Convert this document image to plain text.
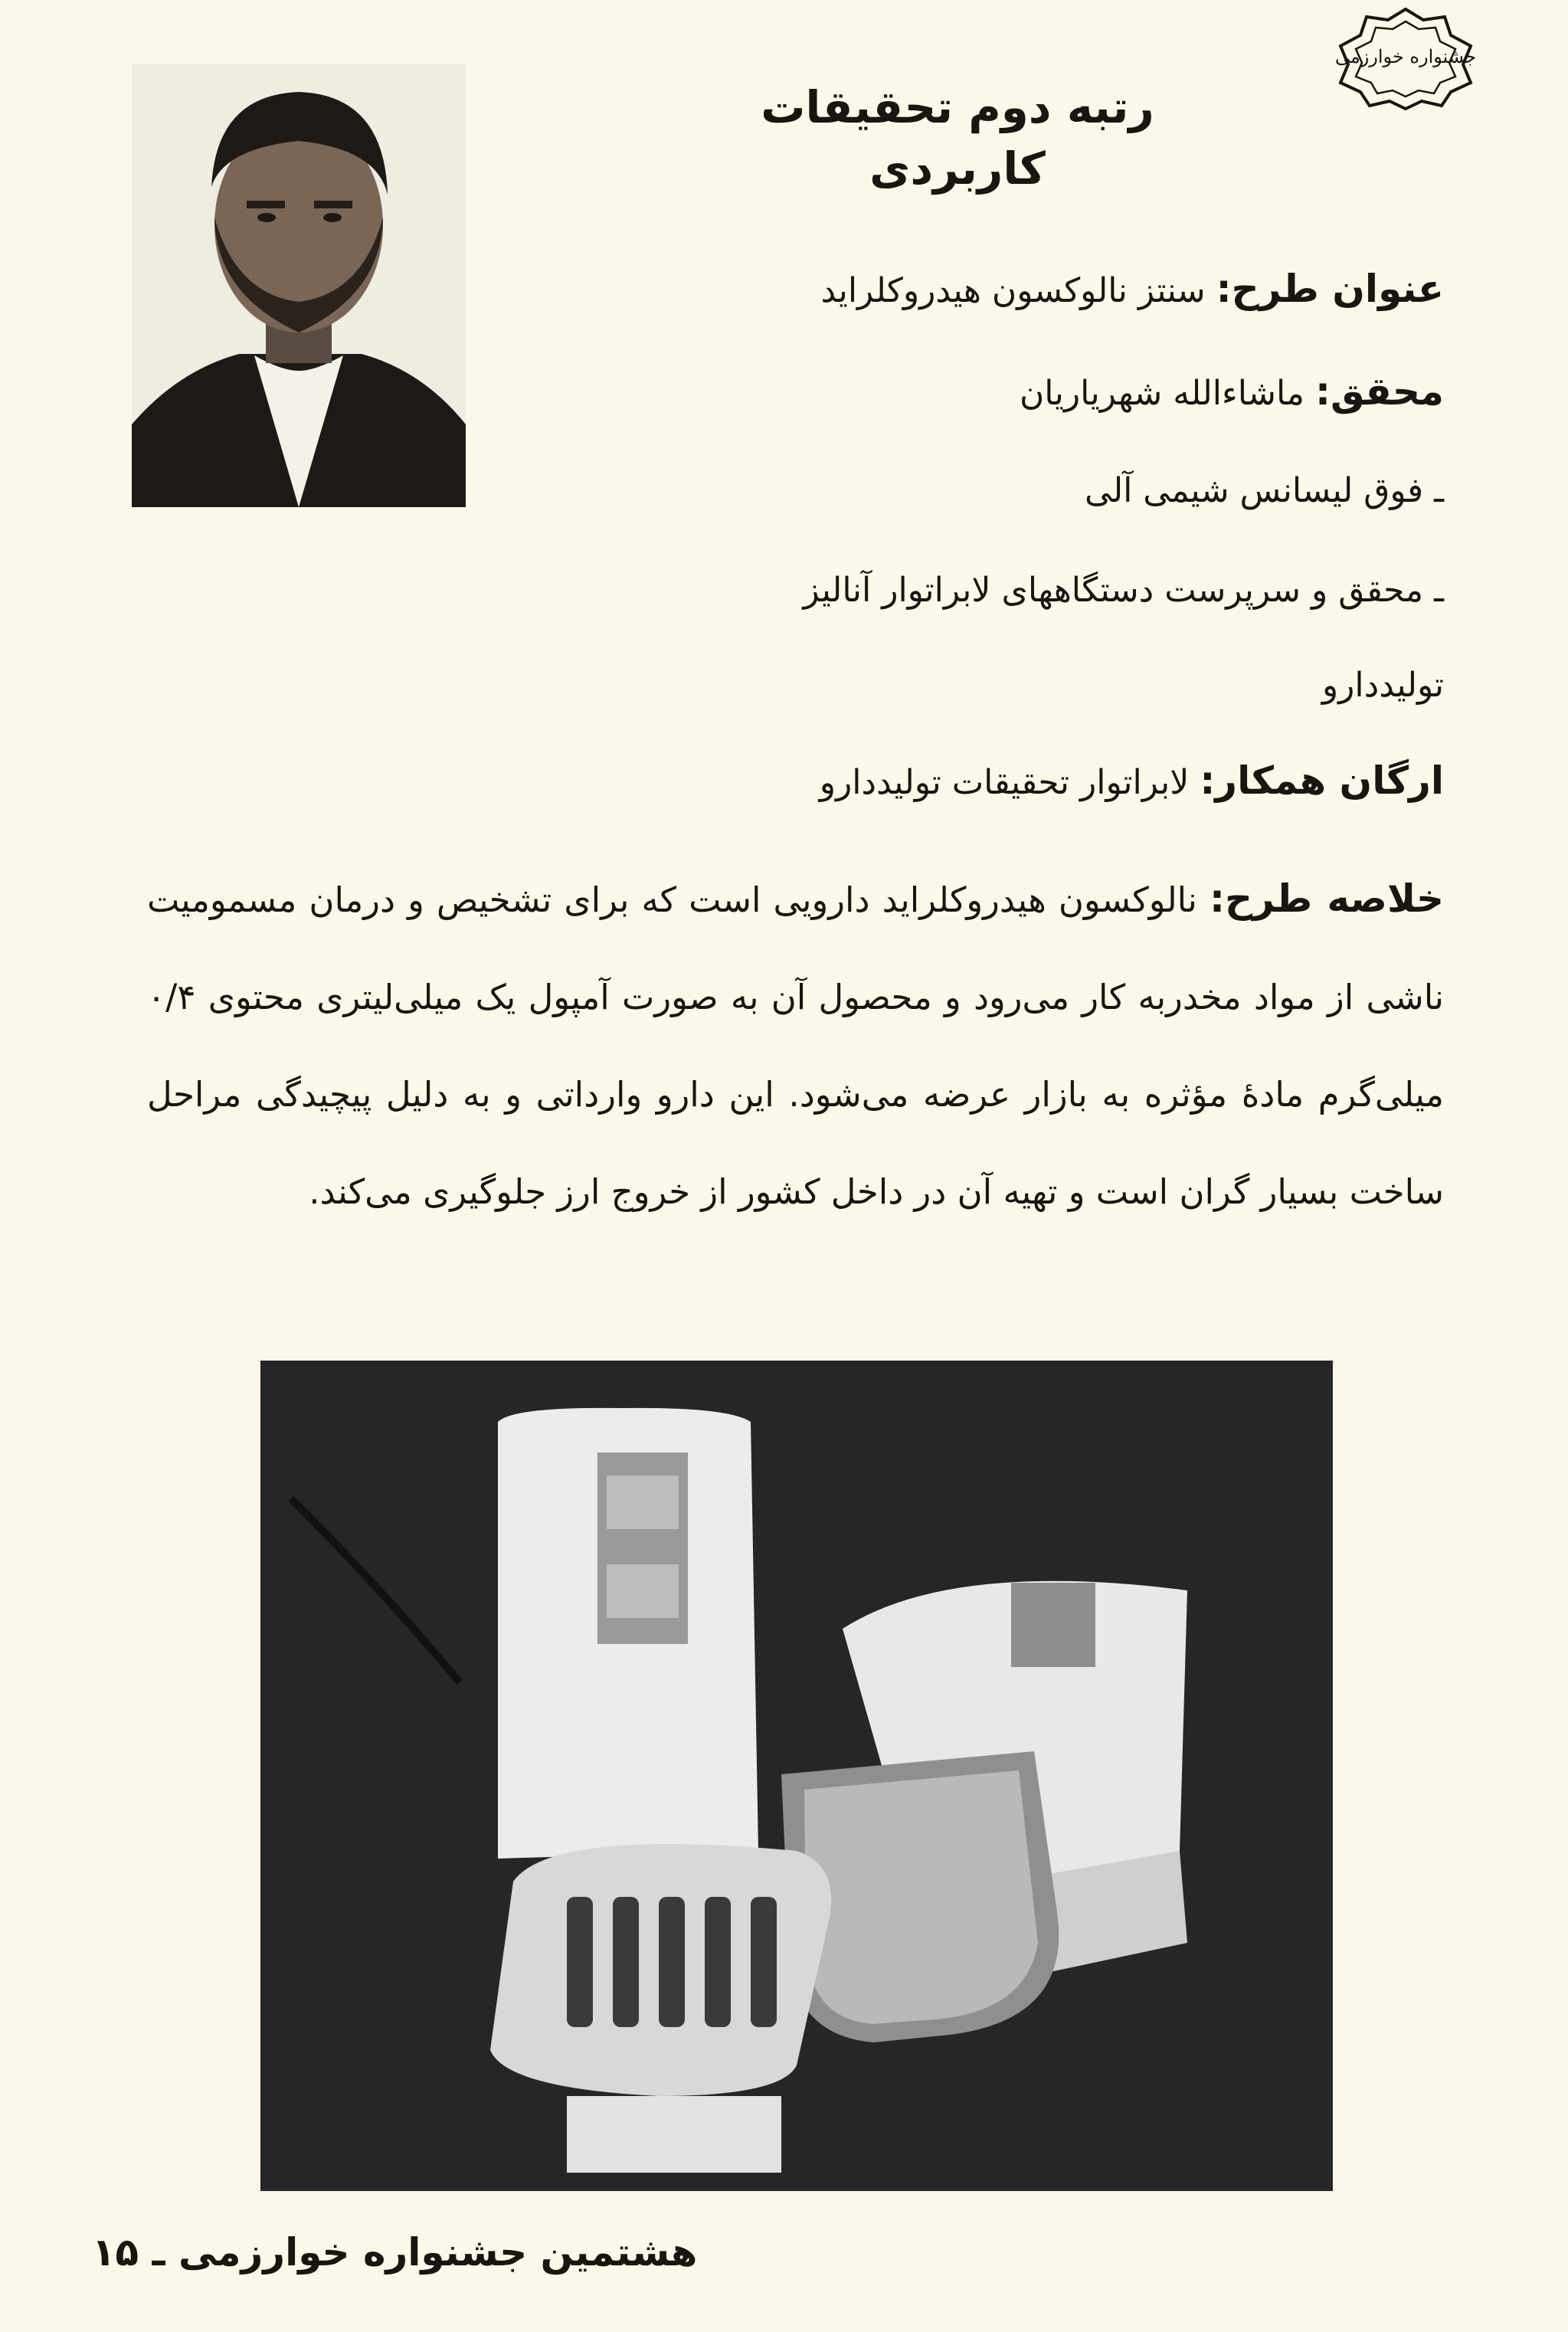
جشنواره خوارزمی
رتبه دوم تحقیقات کاربردی
عنوان طرح: سنتز نالوکسون هیدروکلراید
محقق: ماشاءالله شهریاریان
ـ فوق لیسانس شیمی آلی
ـ محقق و سرپرست دستگاههای لابراتوار آنالیز
تولیددارو
ارگان همکار: لابراتوار تحقیقات تولیددارو
خلاصه طرح: نالوکسون هیدروکلراید دارویی است که برای تشخیص و درمان مسمومیت ناشی از مواد مخدربه کار می‌رود و محصول آن به صورت آمپول یک میلی‌لیتری محتوی ۰/۴ میلی‌گرم مادهٔ مؤثره به بازار عرضه می‌شود. این دارو وارداتی و به دلیل پیچیدگی مراحل ساخت بسیار گران است و تهیه آن در داخل کشور از خروج ارز جلوگیری می‌کند.
هشتمین جشنواره خوارزمی ـ ۱۵
